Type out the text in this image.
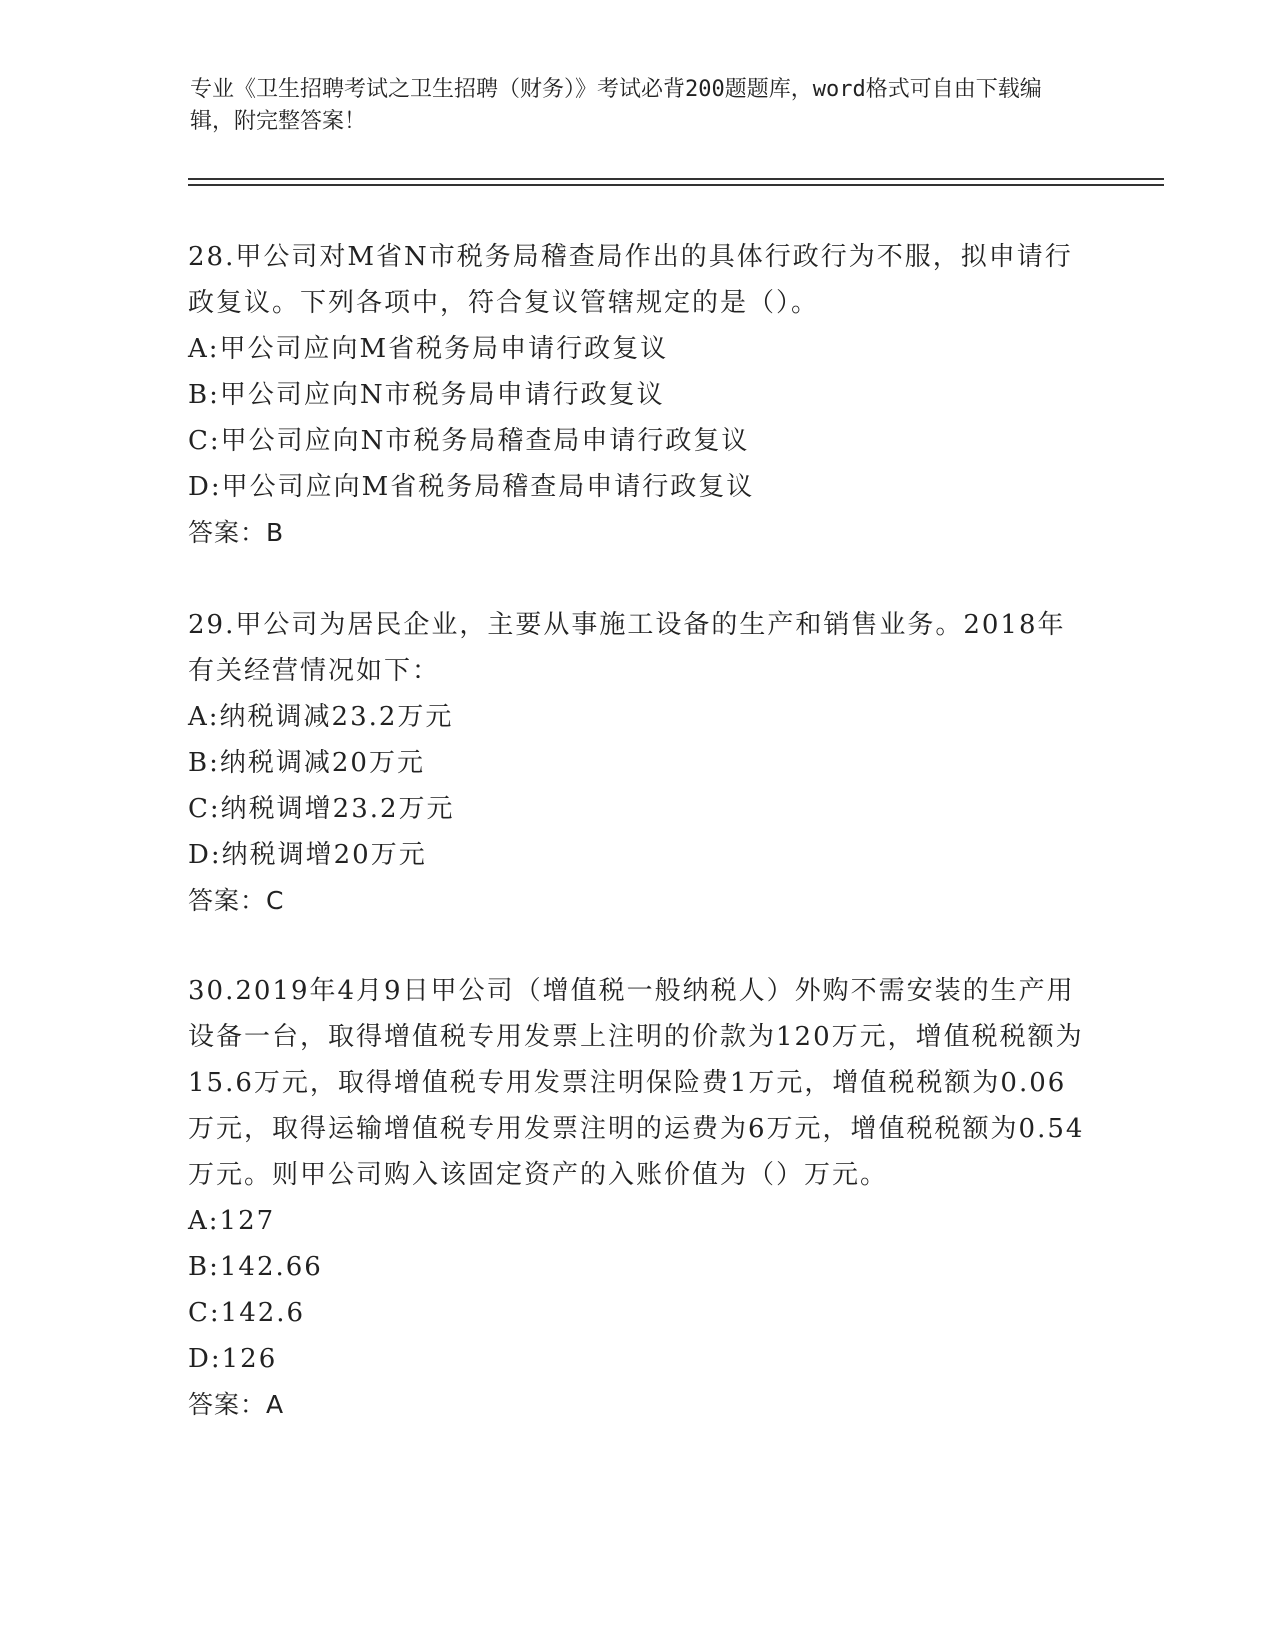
专业《卫生招聘考试之卫生招聘（财务）》考试必背200题题库，word格式可自由下载编辑，附完整答案！

28.甲公司对M省N市税务局稽查局作出的具体行政行为不服，拟申请行政复议。下列各项中，符合复议管辖规定的是（）。

A:甲公司应向M省税务局申请行政复议

B:甲公司应向N市税务局申请行政复议

C:甲公司应向N市税务局稽查局申请行政复议

D:甲公司应向M省税务局稽查局申请行政复议

答案：B

29.甲公司为居民企业，主要从事施工设备的生产和销售业务。2018年有关经营情况如下：

A:纳税调减23.2万元

B:纳税调减20万元

C:纳税调增23.2万元

D:纳税调增20万元

答案：C

30.2019年4月9日甲公司（增值税一般纳税人）外购不需安装的生产用设备一台，取得增值税专用发票上注明的价款为120万元，增值税税额为15.6万元，取得增值税专用发票注明保险费1万元，增值税税额为0.06万元，取得运输增值税专用发票注明的运费为6万元，增值税税额为0.54万元。则甲公司购入该固定资产的入账价值为（）万元。

A:127

B:142.66

C:142.6

D:126

答案：A
